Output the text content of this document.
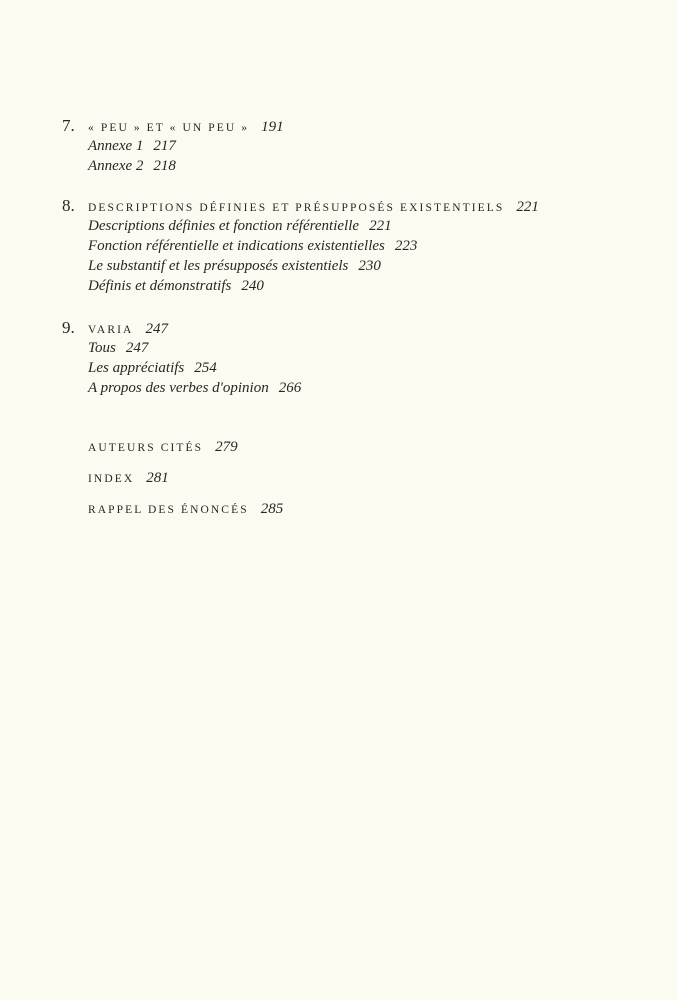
7.	« PEU » ET « UN PEU » 191
Annexe 1 217
Annexe 2 218
8.	DESCRIPTIONS DÉFINIES ET PRÉSUPPOSÉS EXISTENTIELS 221
Descriptions définies et fonction référentielle 221
Fonction référentielle et indications existentielles 223
Le substantif et les présupposés existentiels 230
Définis et démonstratifs 240
9.	VARIA 247
Tous 247
Les appréciatifs 254
A propos des verbes d'opinion 266
AUTEURS CITÉS 279
INDEX 281
RAPPEL DES ÉNONCÉS 285
